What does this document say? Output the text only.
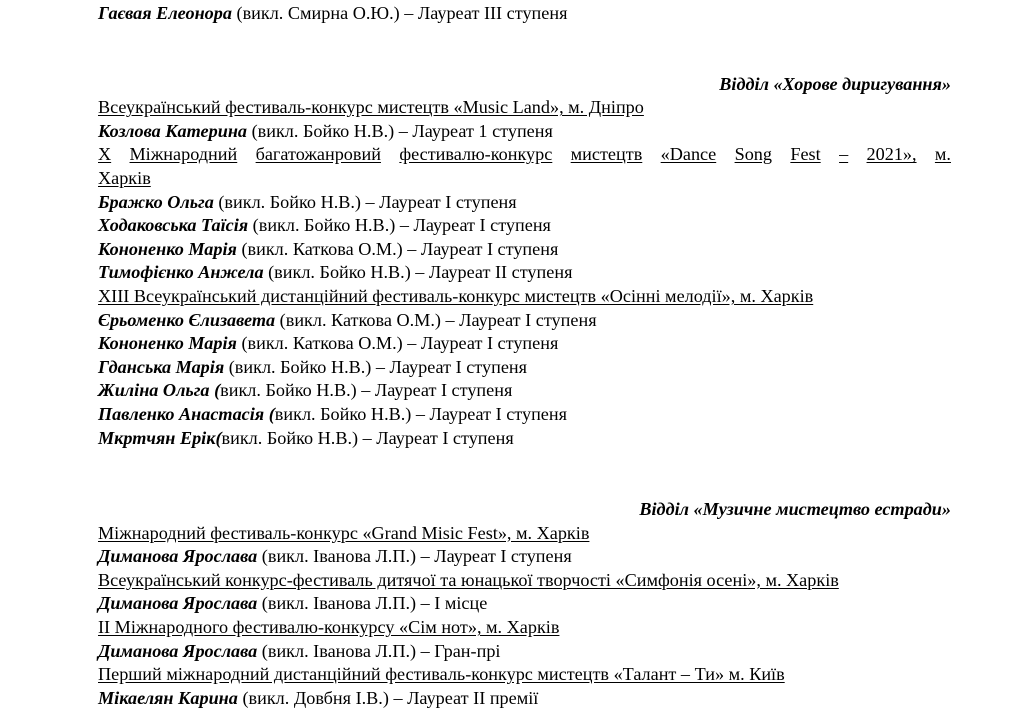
Гаєвая Елеонора (викл. Смирна О.Ю.) – Лауреат ІІІ ступеня
Відділ «Хорове диригування»
Всеукраїнський фестиваль-конкурс мистецтв «Music Land», м. Дніпро
Козлова Катерина (викл. Бойко Н.В.) – Лауреат 1 ступеня
Х Міжнародний багатожанровий фестивалю-конкурс мистецтв «Dance Song Fest – 2021», м.
Харків
Бражко Ольга (викл. Бойко Н.В.) – Лауреат І ступеня
Ходаковська Таїсія (викл. Бойко Н.В.) – Лауреат І ступеня
Кононенко Марія (викл. Каткова О.М.) – Лауреат І ступеня
Тимофієнко Анжела (викл. Бойко Н.В.) – Лауреат ІІ ступеня
ХІІІ Всеукраїнський дистанційний фестиваль-конкурс мистецтв «Осінні мелодії», м. Харків
Єрьоменко Єлизавета (викл. Каткова О.М.) – Лауреат І ступеня
Кононенко Марія (викл. Каткова О.М.) – Лауреат І ступеня
Гданська Марія (викл. Бойко Н.В.) – Лауреат І ступеня
Жиліна Ольга (викл. Бойко Н.В.) – Лауреат І ступеня
Павленко Анастасія (викл. Бойко Н.В.) – Лауреат І ступеня
Мкртчян Ерік(викл. Бойко Н.В.) – Лауреат І ступеня
Відділ «Музичне мистецтво естради»
Міжнародний фестиваль-конкурс «Grand Misic Fest», м. Харків
Диманова Ярослава (викл. Іванова Л.П.) – Лауреат І ступеня
Всеукраїнський конкурс-фестиваль дитячої та юнацької творчості «Симфонія осені», м. Харків
Диманова Ярослава (викл. Іванова Л.П.) – І місце
ІІ Міжнародного фестивалю-конкурсу «Сім нот», м. Харків
Диманова Ярослава (викл. Іванова Л.П.) – Гран-прі
Перший міжнародний дистанційний фестиваль-конкурс мистецтв «Талант – Ти» м. Київ
Мікаелян Карина (викл. Довбня І.В.) – Лауреат ІІ премії
